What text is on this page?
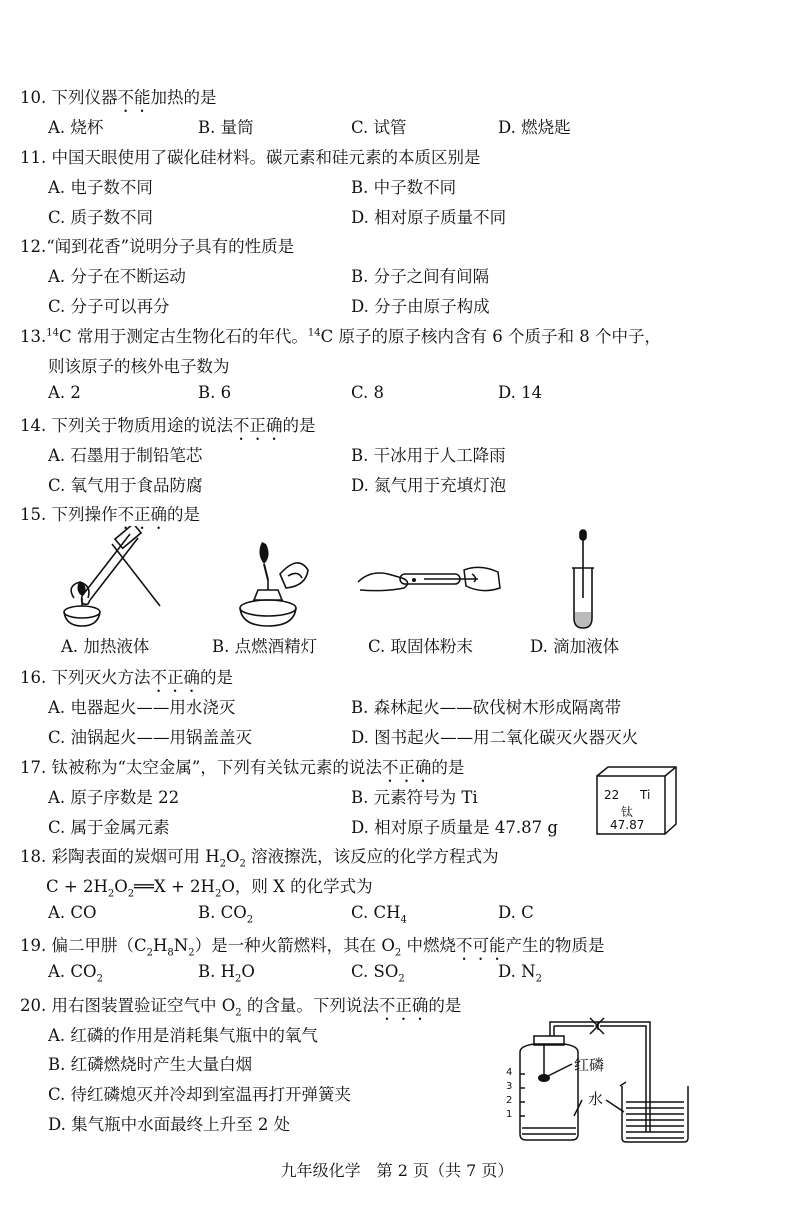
10. 下列仪器不能加热的是
A. 烧杯	B. 量筒	C. 试管	D. 燃烧匙
11. 中国天眼使用了碳化硅材料。碳元素和硅元素的本质区别是
A. 电子数不同	B. 中子数不同
C. 质子数不同	D. 相对原子质量不同
12.“闻到花香”说明分子具有的性质是
A. 分子在不断运动	B. 分子之间有间隔
C. 分子可以再分	D. 分子由原子构成
13.14C 常用于测定古生物化石的年代。$^{14}$C 原子的原子核内含有 6 个质子和 8 个中子，
则该原子的核外电子数为
A. 2	B. 6	C. 8	D. 14
14. 下列关于物质用途的说法不正确的是
A. 石墨用于制铅笔芯	B. 干冰用于人工降雨
C. 氧气用于食品防腐	D. 氮气用于充填灯泡
15. 下列操作不正确的是
A. 加热液体	B. 点燃酒精灯	C. 取固体粉末	D. 滴加液体
16. 下列灭火方法不正确的是
A. 电器起火——用水浇灭	B. 森林起火——砍伐树木形成隔离带
C. 油锅起火——用锅盖盖灭	D. 图书起火——用二氧化碳灭火器灭火
17. 钛被称为“太空金属”，下列有关钛元素的说法不正确的是
A. 原子序数是 22	B. 元素符号为 Ti
C. 属于金属元素	D. 相对原子质量是 47.87 g
22 Ti
钛
47.87
18. 彩陶表面的炭烟可用 $H_2O_2$ 溶液擦洗，该反应的化学方程式为
$C + 2H_2O_2══X + 2H_2O$，则 X 的化学式为
A. CO	B. $CO_2$	C. $CH_4$	D. C
19. 偏二甲肼$(C_2H_8N_2)$是一种火箭燃料，其在 $O_2$ 中燃烧不可能产生的物质是
A. $CO_2$	B. $H_2O$	C. $SO_2$	D. $N_2$
20. 用右图装置验证空气中 $O_2$ 的含量。下列说法不正确的是
A. 红磷的作用是消耗集气瓶中的氧气
B. 红磷燃烧时产生大量白烟
C. 待红磷熄灭并冷却到室温再打开弹簧夹
D. 集气瓶中水面最终上升至 2 处
4
3
2
1
红磷
水
九年级化学　第 2 页（共 7 页）
